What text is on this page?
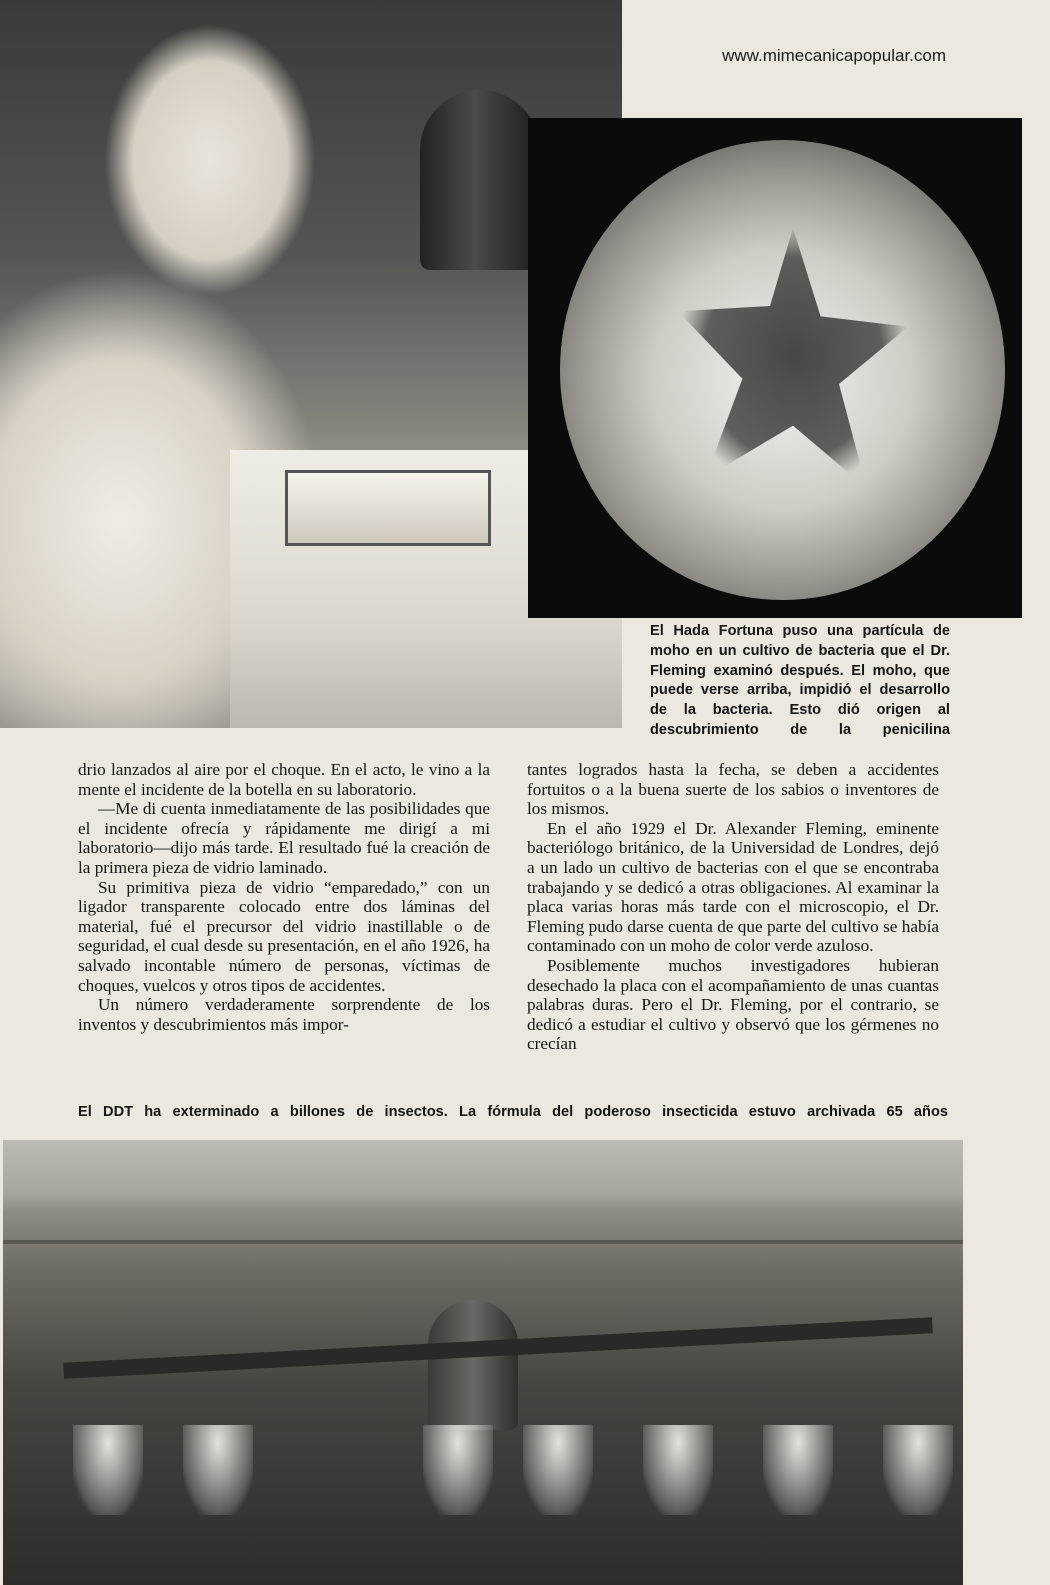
www.mimecanicapopular.com
El Hada Fortuna puso una partícula de moho en un cultivo de bacteria que el Dr. Fleming examinó después. El moho, que puede verse arriba, impidió el desarrollo de la bacteria. Esto dió origen al descubrimiento de la penicilina

drio lanzados al aire por el choque. En el acto, le vino a la mente el incidente de la botella en su laboratorio.

—Me di cuenta inmediatamente de las posibilidades que el incidente ofrecía y rápidamente me dirigí a mi laboratorio—dijo más tarde. El resultado fué la creación de la primera pieza de vidrio laminado.

Su primitiva pieza de vidrio “emparedado,” con un ligador transparente colocado entre dos láminas del material, fué el precursor del vidrio inastillable o de seguridad, el cual desde su presentación, en el año 1926, ha salvado incontable número de personas, víctimas de choques, vuelcos y otros tipos de accidentes.

Un número verdaderamente sorprendente de los inventos y descubrimientos más impor-

tantes logrados hasta la fecha, se deben a accidentes fortuitos o a la buena suerte de los sabios o inventores de los mismos.

En el año 1929 el Dr. Alexander Fleming, eminente bacteriólogo británico, de la Universidad de Londres, dejó a un lado un cultivo de bacterias con el que se encontraba trabajando y se dedicó a otras obligaciones. Al examinar la placa varias horas más tarde con el microscopio, el Dr. Fleming pudo darse cuenta de que parte del cultivo se había contaminado con un moho de color verde azuloso.

Posiblemente muchos investigadores hubieran desechado la placa con el acompañamiento de unas cuantas palabras duras. Pero el Dr. Fleming, por el contrario, se dedicó a estudiar el cultivo y observó que los gérmenes no crecían

El DDT ha exterminado a billones de insectos. La fórmula del poderoso insecticida estuvo archivada 65 años
